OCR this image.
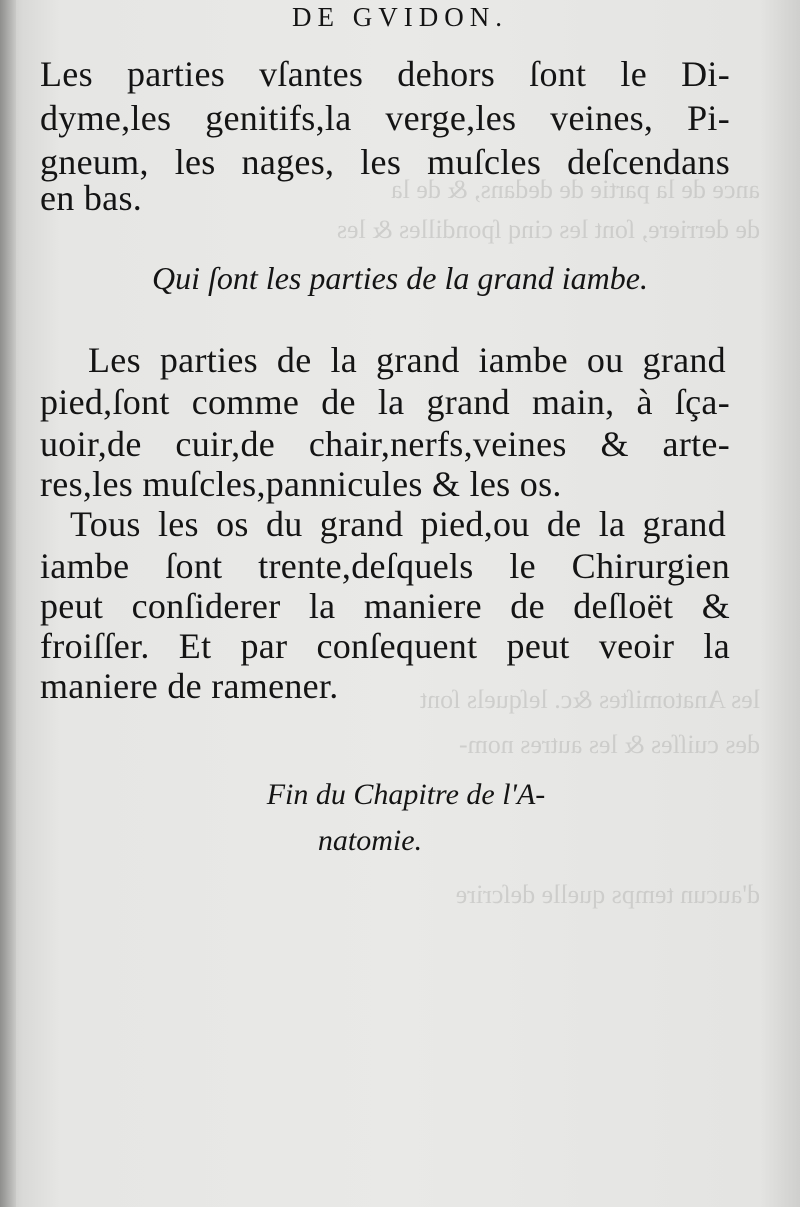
ance de la partie de dedans, & de la
de derriere, ſont les cinq ſpondilles & les
les Anatomiſtes &c. leſquels ſont
des cuiſſes & les autres nom-
d'aucun temps quelle deſcrire
DE GVIDON.
Les parties vſantes dehors ſont le Di-
dyme,les genitifs,la verge,les veines, Pi-
gneum, les nages, les muſcles deſcendans
en bas.
Qui ſont les parties de la grand iambe.
Les parties de la grand iambe ou grand
pied,ſont comme de la grand main, à ſça-
uoir,de cuir,de chair,nerfs,veines & arte-
res,les muſcles,pannicules & les os.
Tous les os du grand pied,ou de la grand
iambe ſont trente,deſquels le Chirurgien
peut conſiderer la maniere de deſloët &
froiſſer. Et par conſequent peut veoir la
maniere de ramener.
Fin du Chapitre de l'A-
natomie.
